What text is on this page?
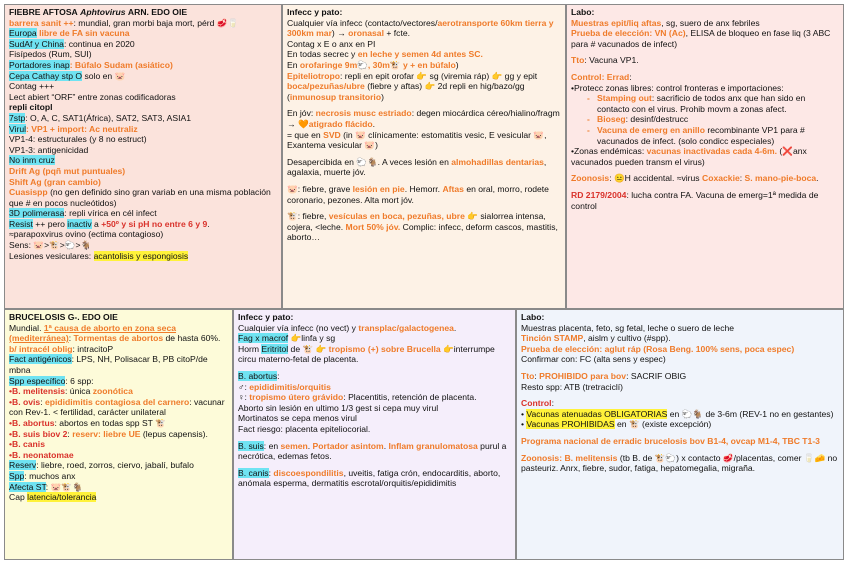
FIEBRE AFTOSA Aphtovirus ARN. EDO OIE
barrera sanit ++: mundial, gran morbi baja mort, pérd 🥩🥛
Europa libre de FA sin vacuna
SudAf y China: continua en 2020
Fisípedos (Rum, SUI)
Portadores inap: Búfalo Sudam (asiático)
Cepa Cathay stp O solo en 🐷
Contag +++
Lect abiert “ORF” entre zonas codificadoras
repli citopl
7stp: O, A, C, SAT1(África), SAT2, SAT3, ASIA1
Virul: VP1 + import: Ac neutraliz
VP1-4: estructurales (y 8 no estruct)
VP1-3: antigenicidad
No inm cruz
Drift Ag (pqñ mut puntuales)
Shift Ag (gran cambio)
Cuasispp (no gen definido sino gran variab en una misma población que # en pocos nucleótidos)
3D polimerasa: repli vírica en cél infect
Resist ++ pero inactiv a +50º y si pH no entre 6 y 9.
≈parapoxvirus ovino (ectima contagioso)
Sens: 🐷>🐮>🐑>🐐
Lesiones vesiculares: acantolisis y espongiosis
Infecc y pato:
Cualquier vía infecc (contacto/vectores/aerotransporte 60km tierra y 300km mar) → oronasal + fcte.
Contag x E o anx en PI
En todas secrec y en leche y semen 4d antes SC.
En orofaringe 9m🐑, 30m🐮 y + en búfalo)
Epiteliotropo: repli en epit orofar 👉 sg (viremia ráp) 👉 gg y epit boca/pezuñas/ubre (fiebre y aftas) 👉 2d repli en hig/bazo/gg (inmunosup transitorio)
En jóv: necrosis musc estriado: degen miocárdica céreo/hialino/fragm → 🧡atigrado flácido.
= que en SVD (in 🐷 clínicamente: estomatitis vesic, E vesicular 🐷, Exantema vesicular 🐷)
Desapercibida en 🐑🐐. A veces lesión en almohadillas dentarias, agalaxia, muerte jóv.
🐷: fiebre, grave lesión en pie. Hemorr. Aftas en oral, morro, rodete coronario, pezones. Alta mort jóv.
🐮: fiebre, vesículas en boca, pezuñas, ubre 👉 sialorrea intensa, cojera, <leche. Mort 50% jóv. Complic: infecc, deform cascos, mastitis, aborto…
Labo:
Muestras epit/liq aftas, sg, suero de anx febriles
Prueba de elección: VN (Ac), ELISA de bloqueo en fase liq (3 ABC para # vacunados de infect)
Tto: Vacuna VP1.
Control: Errad:
•Protecc zonas libres: control fronteras e importaciones:
- Stamping out: sacrificio de todos anx que han sido en contacto con el virus. Prohib movm a zonas afect.
- Bioseg: desinf/destrucc
- Vacuna de emerg en anillo recombinante VP1 para # vacunados de infect. (solo condicc especiales)
•Zonas endémicas: vacunas inactivadas cada 4-6m. (❌anx vacunados pueden transm el virus)
Zoonosis: 😐H accidental. ≈virus Coxackie: S. mano-pie-boca.
RD 2179/2004: lucha contra FA. Vacuna de emerg=1ª medida de control
BRUCELOSIS G-. EDO OIE
Mundial. 1ª causa de aborto en zona seca (mediterránea): Tormentas de abortos de hasta 60%.
b/ intracél oblig: intracitoP
Fact antigénicos: LPS, NH, Polisacar B, PB citoP/de mbna
Spp específico: 6 spp:
•B. melitensis: única zoonótica
•B. ovis: epididimitis contagiosa del carnero: vacunar con Rev-1. < fertilidad, carácter unilateral
•B. abortus: abortos en todas spp ST 🐮
•B. suis biov 2: reserv: liebre UE (lepus capensis).
•B. canis
•B. neonatomae
Reserv: liebre, roed, zorros, ciervo, jabalí, bufalo
Spp: muchos anx
Afecta ST: 🐷🐮🐐
Cap latencia/tolerancia
Infecc y pato:
Cualquier vía infecc (no vect) y transplac/galactogenea.
Fag x macrof 👉linfa y sg
Horm Eritritol de 🐮 👉 tropismo (+) sobre Brucella 👉interrumpe circu materno-fetal de placenta.
B. abortus:
♂: epididimitis/orquitis
♀: tropismo útero grávido: Placentitis, retención de placenta.
Aborto sin lesión en ultimo 1/3 gest si cepa muy virul
Mortinatos se cepa menos virul
Fact riesgo: placenta epiteliocorial.
B. suis: en semen. Portador asintom. Inflam granulomatosa purul a necrótica, edemas fetos.
B. canis: discoespondilitis, uveitis, fatiga crón, endocarditis, aborto, anómala esperma, dermatitis escrotal/orquitis/epididimitis
Labo:
Muestras placenta, feto, sg fetal, leche o suero de leche
Tinción STAMP, aislm y cultivo (#spp).
Prueba de elección: aglut ráp (Rosa Beng. 100% sens, poca espec)
Confirmar con: FC (alta sens y espec)
Tto: PROHIBIDO para bov: SACRIF OBIG
Resto spp: ATB (tretraciclí)
Control:
• Vacunas atenuadas OBLIGATORIAS en 🐑🐐 de 3-6m (REV-1 no en gestantes)
• Vacunas PROHIBIDAS en 🐮 (existe excepción)
Programa nacional de erradic brucelosis bov B1-4, ovcap M1-4, TBC T1-3
Zoonosis: B. melitensis (tb B. de 🐮🐑) x contacto 🥩/placentas, comer 🥛🧀 no pasteuriz. Anrx, fiebre, sudor, fatiga, hepatomegalia, migraña.
